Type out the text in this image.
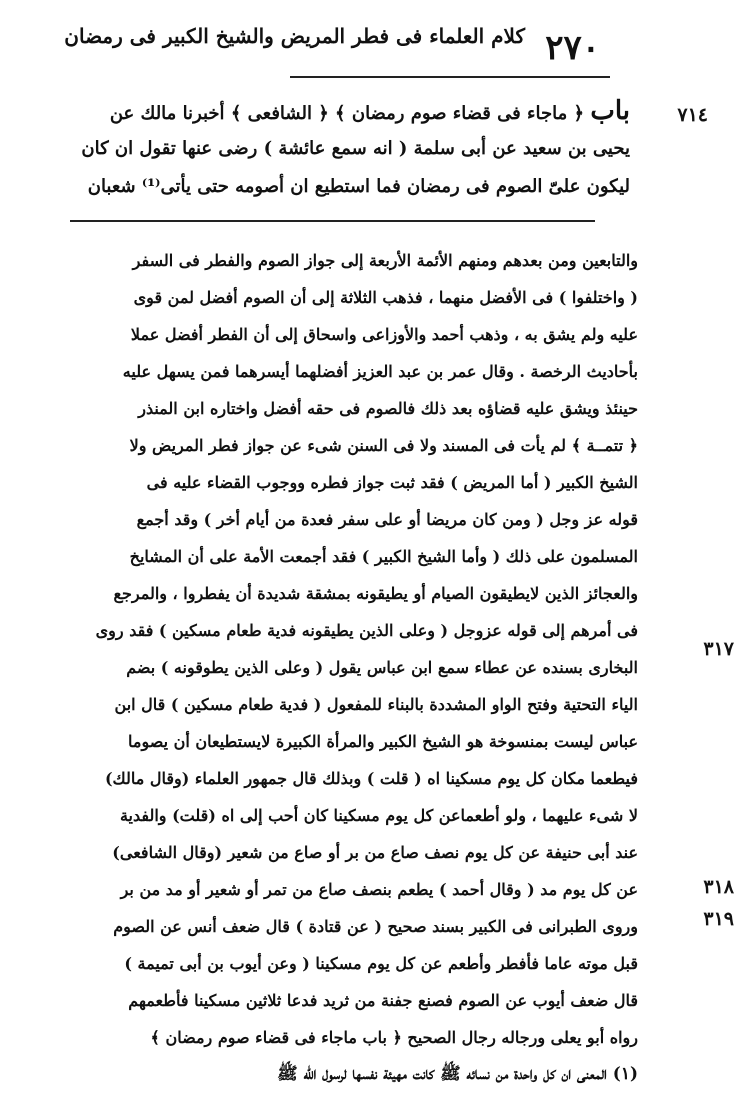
٢٧٠
كلام العلماء فى فطر المريض والشيخ الكبير فى رمضان
٧١٤
باب ﴿ ماجاء فى قضاء صوم رمضان ﴾ ﴿ الشافعى ﴾ أخبرنا مالك عن
يحيى بن سعيد عن أبى سلمة ( انه سمع عائشة ) رضى عنها تقول ان كان
ليكون علىّ الصوم فى رمضان فما استطيع ان أصومه حتى يأتى⁽¹⁾ شعبان
٣١٧
٣١٨
٣١٩
والتابعين ومن بعدهم ومنهم الأئمة الأربعة إلى جواز الصوم والفطر فى السفر
( واختلفوا ) فى الأفضل منهما ، فذهب الثلاثة إلى أن الصوم أفضل لمن قوى
عليه ولم يشق به ، وذهب أحمد والأوزاعى واسحاق إلى أن الفطر أفضل عملا
بأحاديث الرخصة . وقال عمر بن عبد العزيز أفضلهما أيسرهما فمن يسهل عليه
حينئذ ويشق عليه قضاؤه بعد ذلك فالصوم فى حقه أفضل واختاره ابن المنذر
﴿ تتمــة ﴾ لم يأت فى المسند ولا فى السنن شىء عن جواز فطر المريض ولا
الشيخ الكبير ( أما المريض ) فقد ثبت جواز فطره ووجوب القضاء عليه فى
قوله عز وجل ( ومن كان مريضا أو على سفر فعدة من أيام أخر ) وقد أجمع
المسلمون على ذلك ( وأما الشيخ الكبير ) فقد أجمعت الأمة على أن المشايخ
والعجائز الذين لايطيقون الصيام أو يطيقونه بمشقة شديدة أن يفطروا ، والمرجع
فى أمرهم إلى قوله عزوجل ( وعلى الذين يطيقونه فدية طعام مسكين ) فقد روى
البخارى بسنده عن عطاء سمع ابن عباس يقول ( وعلى الذين يطوقونه ) بضم
الياء التحتية وفتح الواو المشددة بالبناء للمفعول ( فدية طعام مسكين ) قال ابن
عباس ليست بمنسوخة هو الشيخ الكبير والمرأة الكبيرة لايستطيعان أن يصوما
فيطعما مكان كل يوم مسكينا اه ( قلت ) وبذلك قال جمهور العلماء (وقال مالك)
لا شىء عليهما ، ولو أطعماعن كل يوم مسكينا كان أحب إلى اه (قلت) والفدية
عند أبى حنيفة عن كل يوم نصف صاع من بر أو صاع من شعير (وقال الشافعى)
عن كل يوم مد ( وقال أحمد ) يطعم بنصف صاع من تمر أو شعير أو مد من بر
وروى الطبرانى فى الكبير بسند صحيح ( عن قتادة ) قال ضعف أنس عن الصوم
قبل موته عاما فأفطر وأطعم عن كل يوم مسكينا ( وعن أيوب بن أبى تميمة )
قال ضعف أيوب عن الصوم فصنع جفنة من ثريد فدعا ثلاثين مسكينا فأطعمهم
رواه أبو يعلى ورجاله رجال الصحيح ﴿ باب ماجاء فى قضاء صوم رمضان ﴾
(١) المعنى ان كل واحدة من نسائه ﷺ كانت مهيئة نفسها لرسول الله ﷺ
